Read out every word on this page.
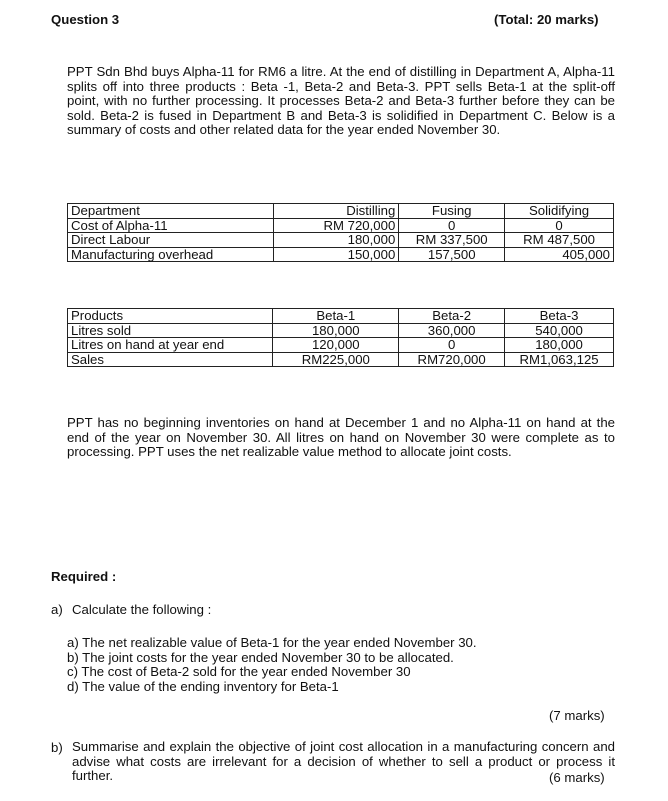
Question 3	(Total: 20 marks)
PPT Sdn Bhd buys Alpha-11 for RM6 a litre. At the end of distilling in Department A, Alpha-11 splits off into three products : Beta -1, Beta-2 and Beta-3. PPT sells Beta-1 at the split-off point, with no further processing. It processes Beta-2 and Beta-3 further before they can be sold. Beta-2 is fused in Department B and Beta-3 is solidified in Department C. Below is a summary of costs and other related data for the year ended November 30.
Department	Distilling	Fusing	Solidifying
Cost of Alpha-11	RM 720,000	0	0
Direct Labour	180,000	RM 337,500	RM 487,500
Manufacturing overhead	150,000	157,500	405,000
Products	Beta-1	Beta-2	Beta-3
Litres sold	180,000	360,000	540,000
Litres on hand at year end	120,000	0	180,000
Sales	RM225,000	RM720,000	RM1,063,125
PPT has no beginning inventories on hand at December 1 and no Alpha-11 on hand at the end of the year on November 30. All litres on hand on November 30 were complete as to processing. PPT uses the net realizable value method to allocate joint costs.
Required :
a) Calculate the following :
a) The net realizable value of Beta-1 for the year ended November 30.
b) The joint costs for the year ended November 30 to be allocated.
c) The cost of Beta-2 sold for the year ended November 30
d) The value of the ending inventory for Beta-1
(7 marks)
b) Summarise and explain the objective of joint cost allocation in a manufacturing concern and advise what costs are irrelevant for a decision of whether to sell a product or process it further.	(6 marks)
